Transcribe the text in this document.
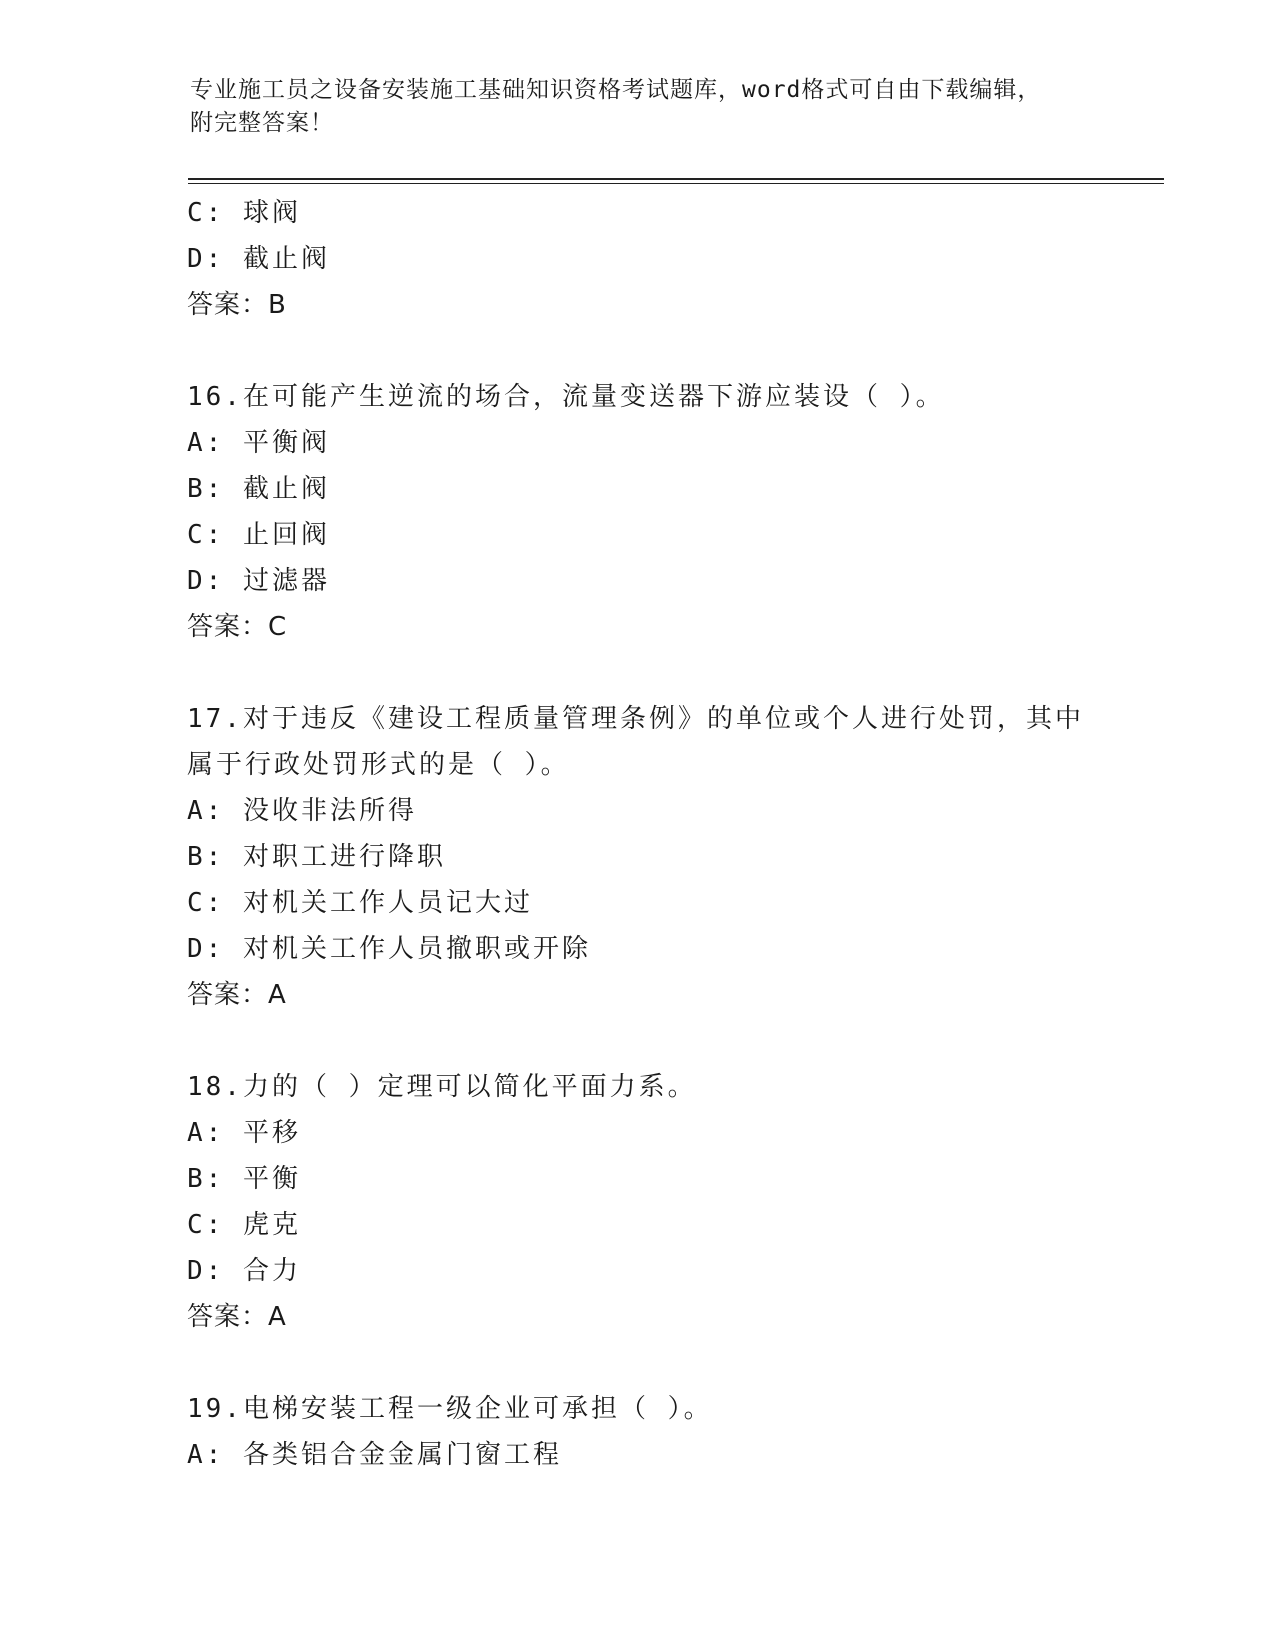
专业施工员之设备安装施工基础知识资格考试题库，word格式可自由下载编辑，
附完整答案！
C: 球阀
D: 截止阀
答案：B
16.在可能产生逆流的场合，流量变送器下游应装设（ ）。
A: 平衡阀
B: 截止阀
C: 止回阀
D: 过滤器
答案：C
17.对于违反《建设工程质量管理条例》的单位或个人进行处罚，其中
属于行政处罚形式的是（ ）。
A: 没收非法所得
B: 对职工进行降职
C: 对机关工作人员记大过
D: 对机关工作人员撤职或开除
答案：A
18.力的（ ）定理可以简化平面力系。
A: 平移
B: 平衡
C: 虎克
D: 合力
答案：A
19.电梯安装工程一级企业可承担（ ）。
A: 各类铝合金金属门窗工程
